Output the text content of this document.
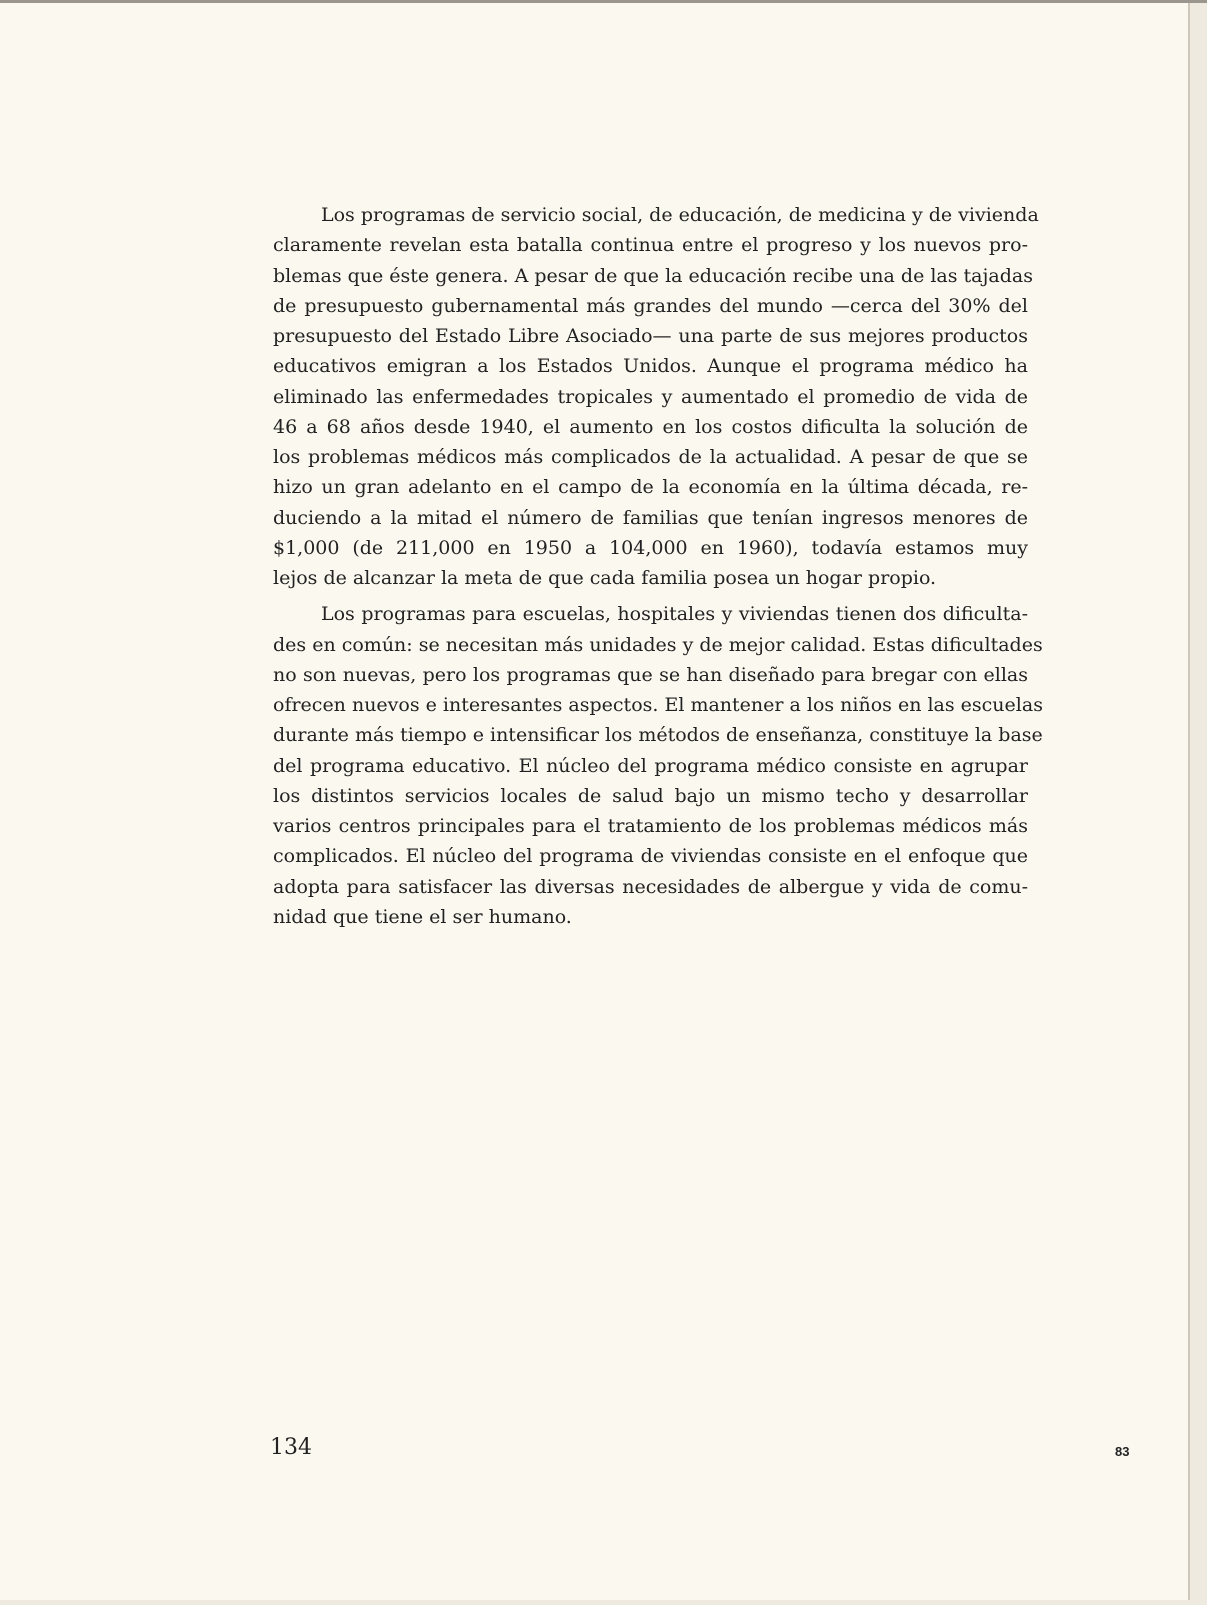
Los programas de servicio social, de educación, de medicina y de vivienda
claramente revelan esta batalla continua entre el progreso y los nuevos pro-
blemas que éste genera. A pesar de que la educación recibe una de las tajadas
de presupuesto gubernamental más grandes del mundo —cerca del 30% del
presupuesto del Estado Libre Asociado— una parte de sus mejores productos
educativos emigran a los Estados Unidos. Aunque el programa médico ha
eliminado las enfermedades tropicales y aumentado el promedio de vida de
46 a 68 años desde 1940, el aumento en los costos dificulta la solución de
los problemas médicos más complicados de la actualidad. A pesar de que se
hizo un gran adelanto en el campo de la economía en la última década, re-
duciendo a la mitad el número de familias que tenían ingresos menores de
$1,000 (de 211,000 en 1950 a 104,000 en 1960), todavía estamos muy
lejos de alcanzar la meta de que cada familia posea un hogar propio.
Los programas para escuelas, hospitales y viviendas tienen dos dificulta-
des en común: se necesitan más unidades y de mejor calidad. Estas dificultades
no son nuevas, pero los programas que se han diseñado para bregar con ellas
ofrecen nuevos e interesantes aspectos. El mantener a los niños en las escuelas
durante más tiempo e intensificar los métodos de enseñanza, constituye la base
del programa educativo. El núcleo del programa médico consiste en agrupar
los distintos servicios locales de salud bajo un mismo techo y desarrollar
varios centros principales para el tratamiento de los problemas médicos más
complicados. El núcleo del programa de viviendas consiste en el enfoque que
adopta para satisfacer las diversas necesidades de albergue y vida de comu-
nidad que tiene el ser humano.
134	83
